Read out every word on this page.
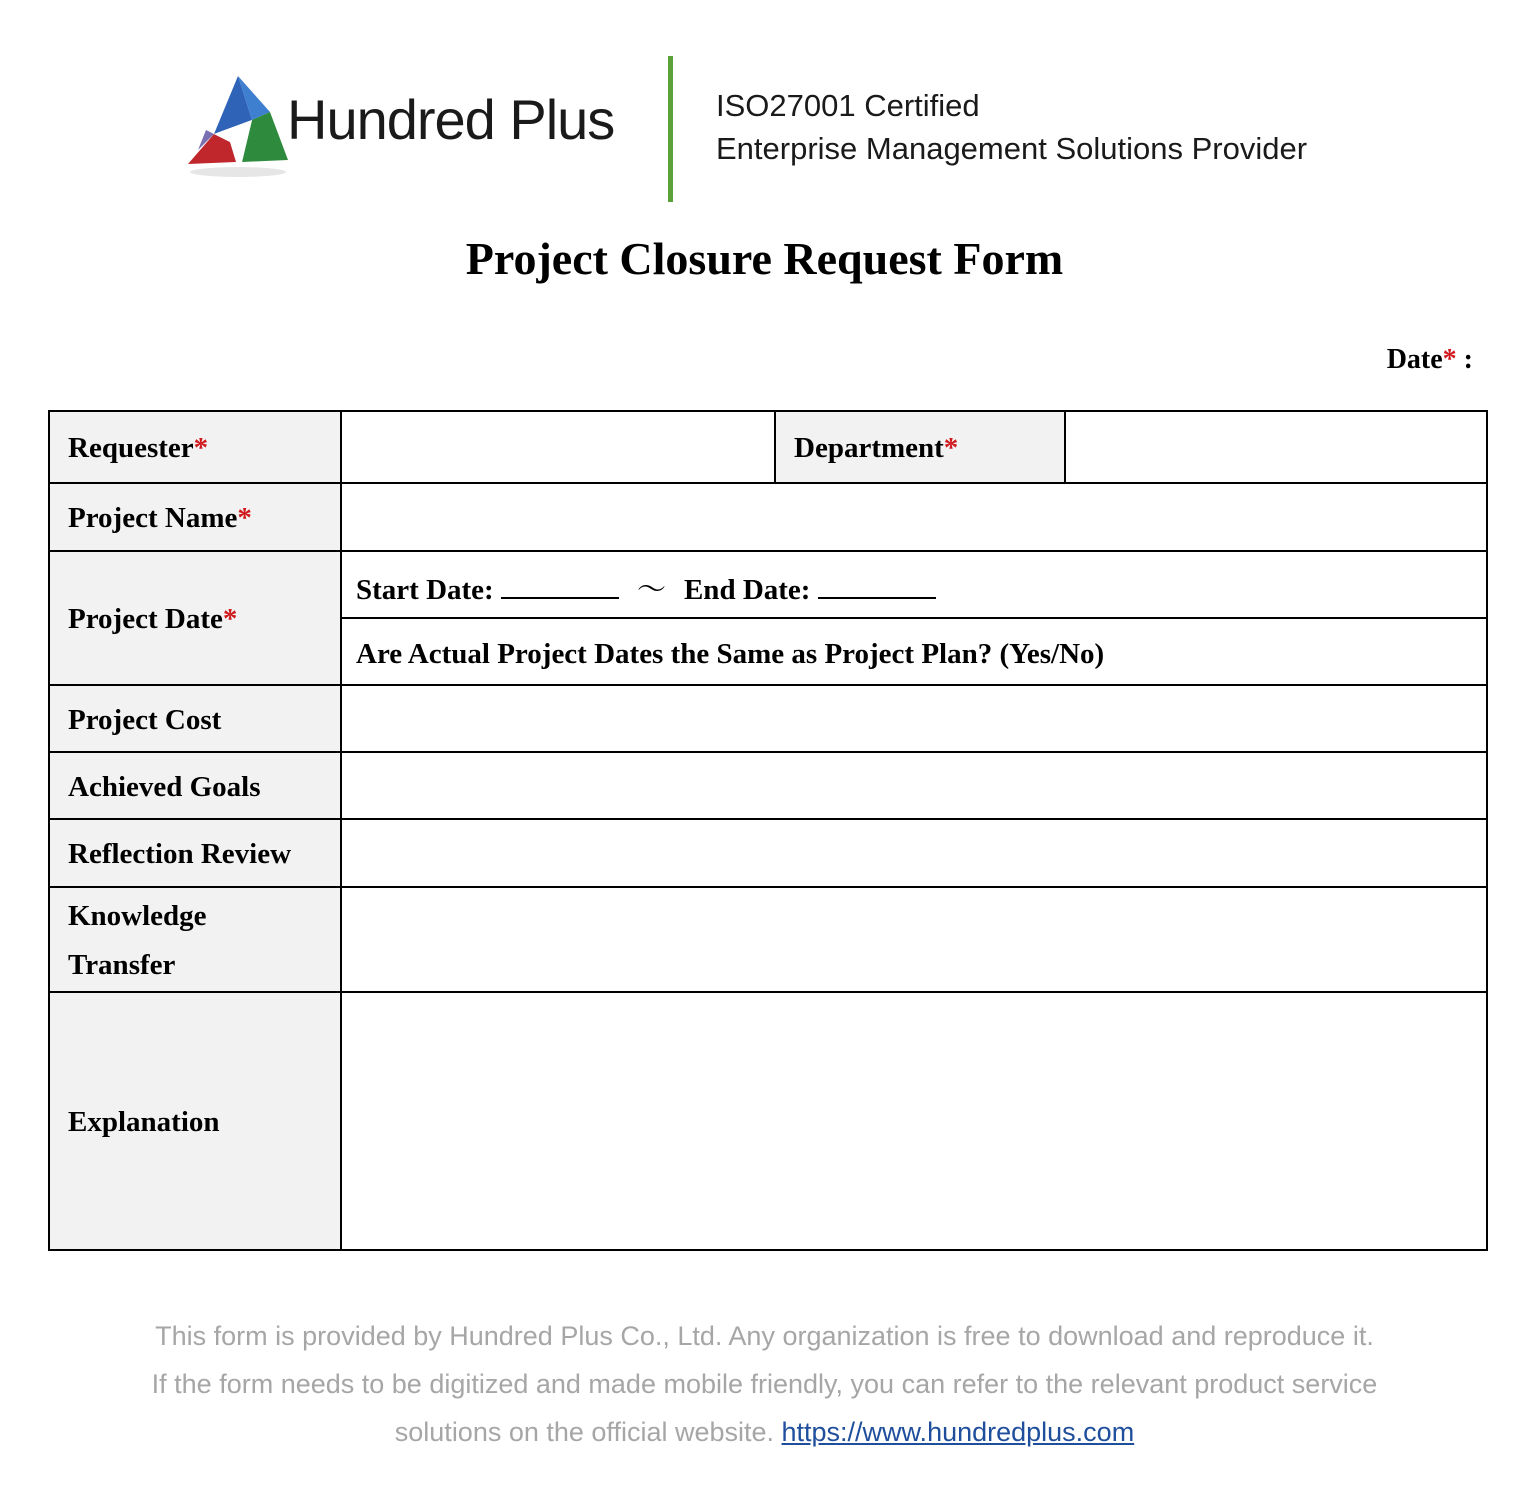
Hundred Plus	ISO27001 Certified
Enterprise Management Solutions Provider
Project Closure Request Form
Date* :
Requester*		Department*	
Project Name*			
Project Date*	Start Date: ～ End Date:		
	Are Actual Project Dates the Same as Project Plan? (Yes/No)		
Project Cost			
Achieved Goals			
Reflection Review			
Knowledge
Transfer			
Explanation			
This form is provided by Hundred Plus Co., Ltd. Any organization is free to download and reproduce it.
If the form needs to be digitized and made mobile friendly, you can refer to the relevant product service
solutions on the official website. https://www.hundredplus.com
